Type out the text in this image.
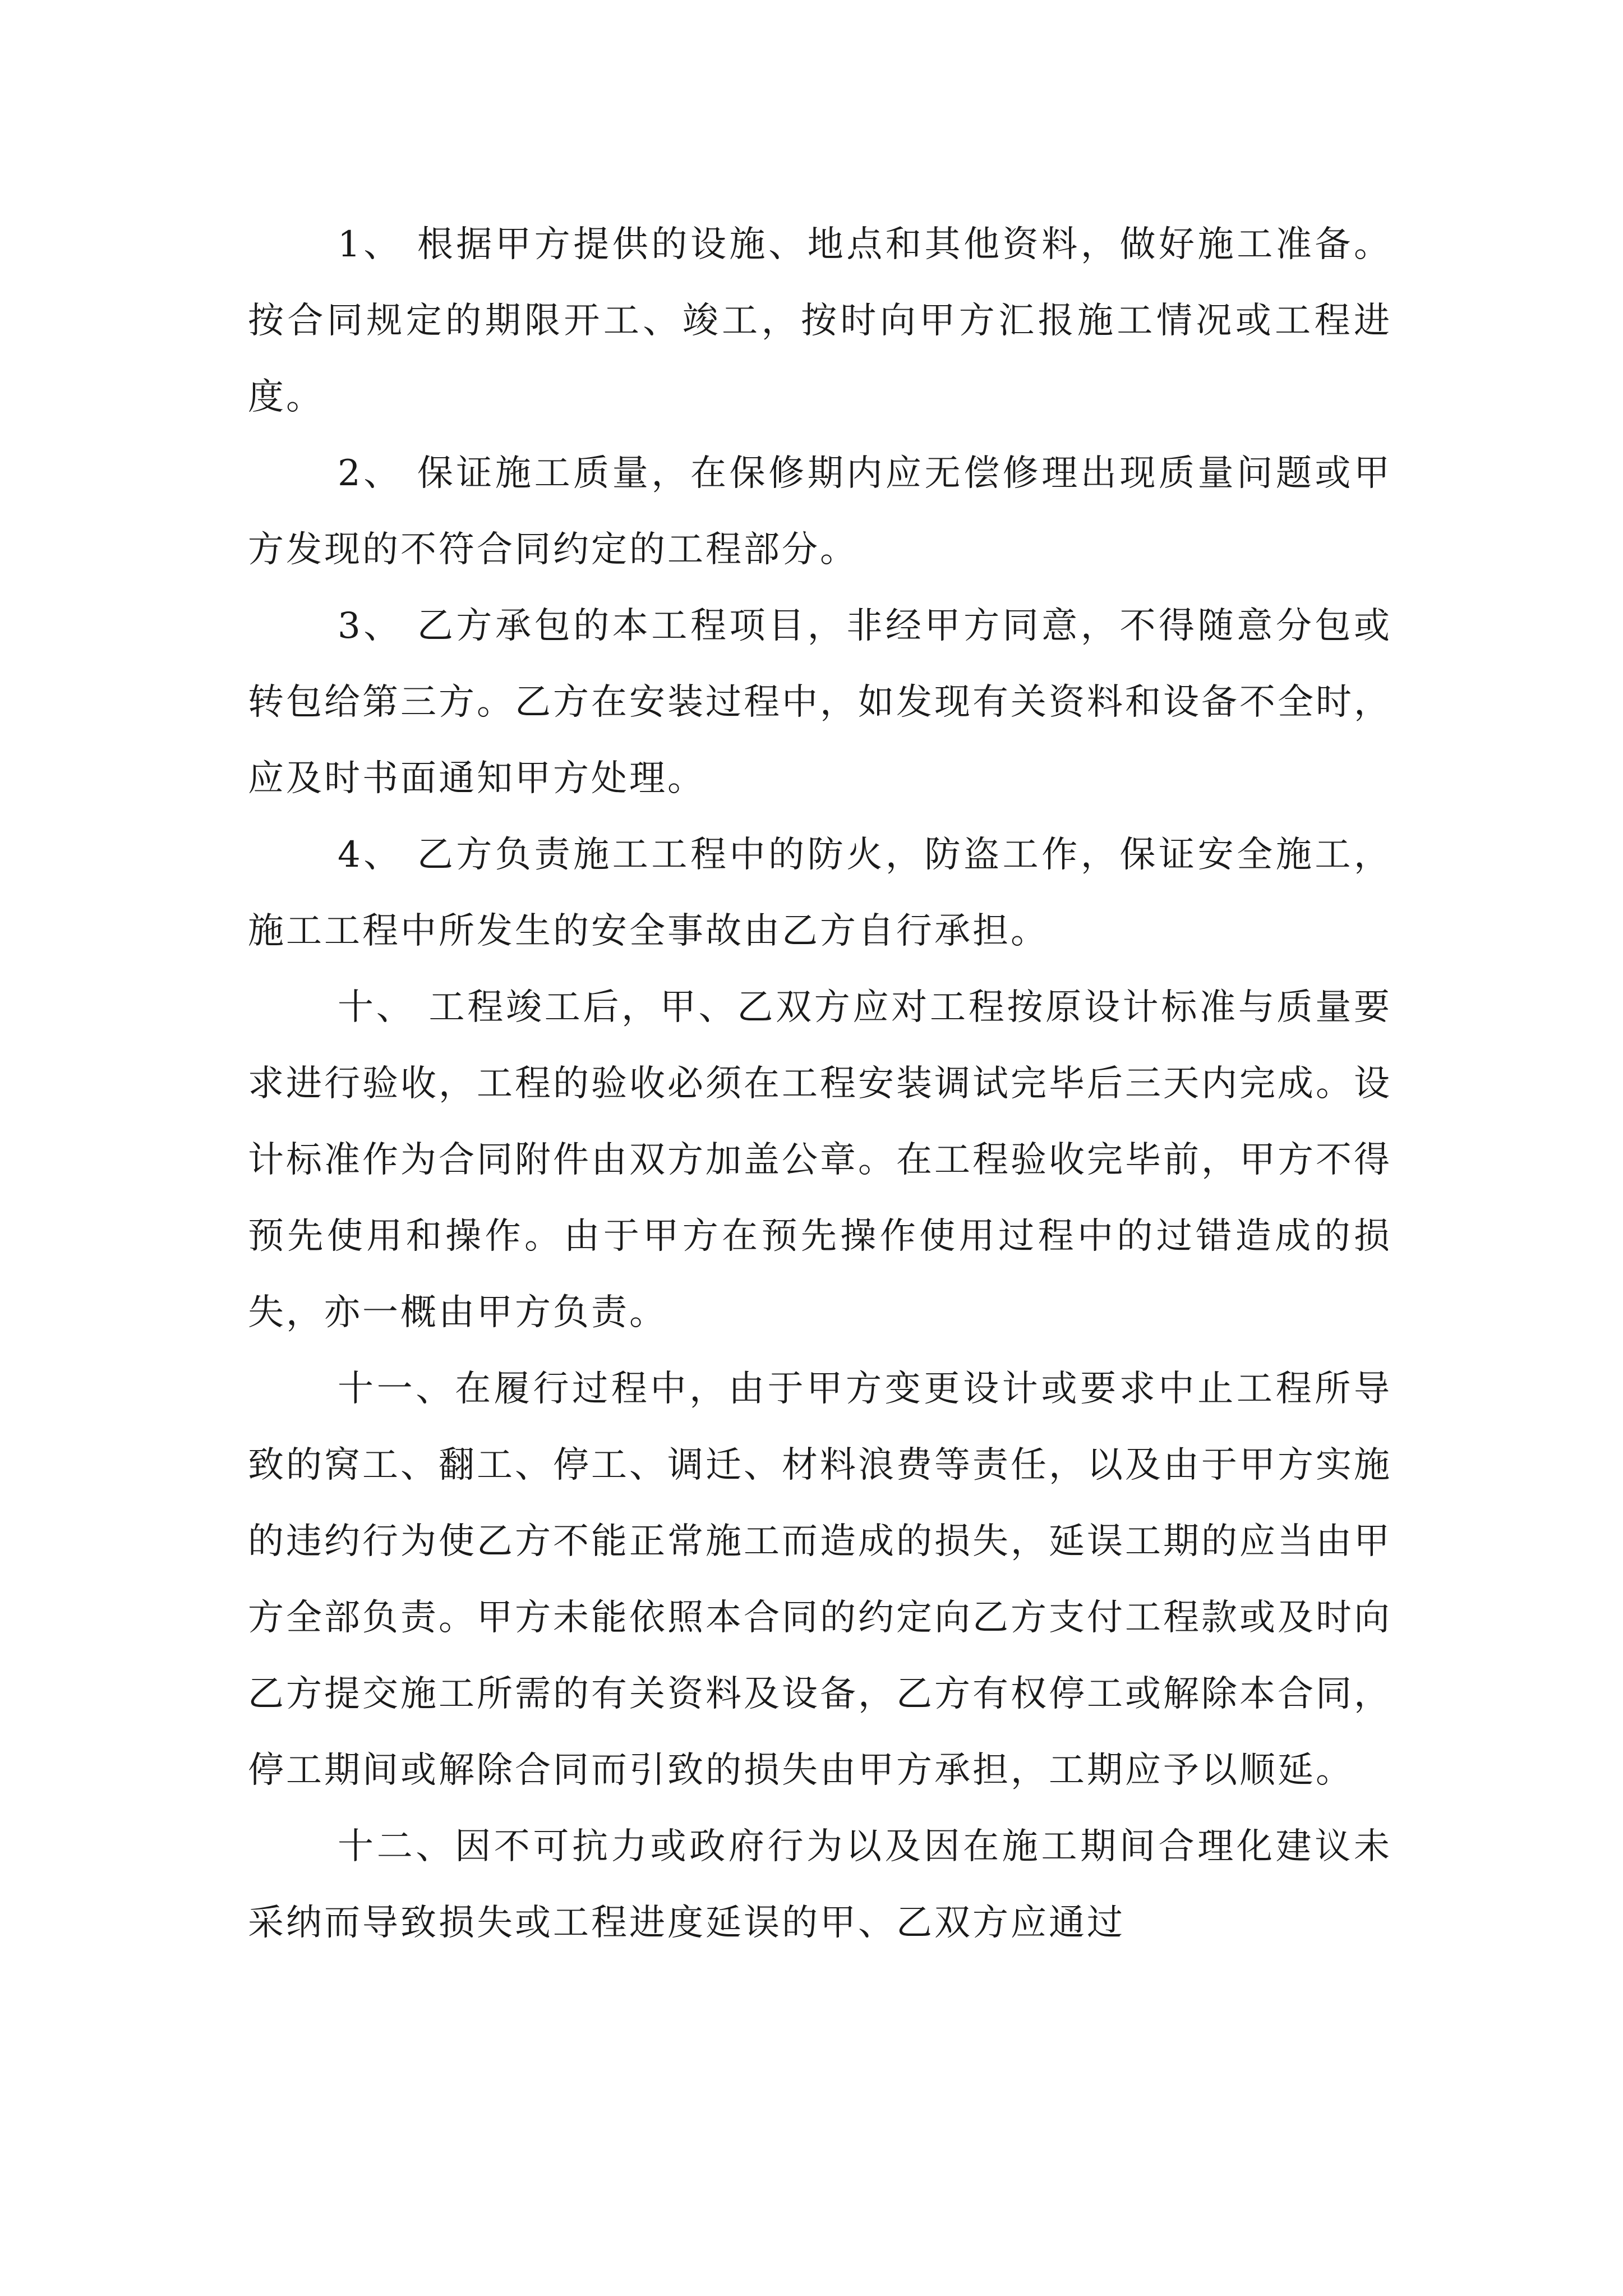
1、 根据甲方提供的设施、地点和其他资料，做好施工准备。 按合同规定的期限开工、竣工，按时向甲方汇报施工情况或工程进度。

2、 保证施工质量，在保修期内应无偿修理出现质量问题或甲方发现的不符合同约定的工程部分。

3、 乙方承包的本工程项目，非经甲方同意，不得随意分包或转包给第三方。乙方在安装过程中，如发现有关资料和设备不全时，应及时书面通知甲方处理。

4、 乙方负责施工工程中的防火，防盗工作，保证安全施工，施工工程中所发生的安全事故由乙方自行承担。

十、 工程竣工后，甲、乙双方应对工程按原设计标准与质量要求进行验收，工程的验收必须在工程安装调试完毕后三天内完成。设计标准作为合同附件由双方加盖公章。在工程验收完毕前，甲方不得预先使用和操作。由于甲方在预先操作使用过程中的过错造成的损失，亦一概由甲方负责。

十一、在履行过程中，由于甲方变更设计或要求中止工程所导致的窝工、翻工、停工、调迁、材料浪费等责任，以及由于甲方实施的违约行为使乙方不能正常施工而造成的损失，延误工期的应当由甲方全部负责。甲方未能依照本合同的约定向乙方支付工程款或及时向乙方提交施工所需的有关资料及设备，乙方有权停工或解除本合同，停工期间或解除合同而引致的损失由甲方承担，工期应予以顺延。

十二、因不可抗力或政府行为以及因在施工期间合理化建议未采纳而导致损失或工程进度延误的甲、乙双方应通过
